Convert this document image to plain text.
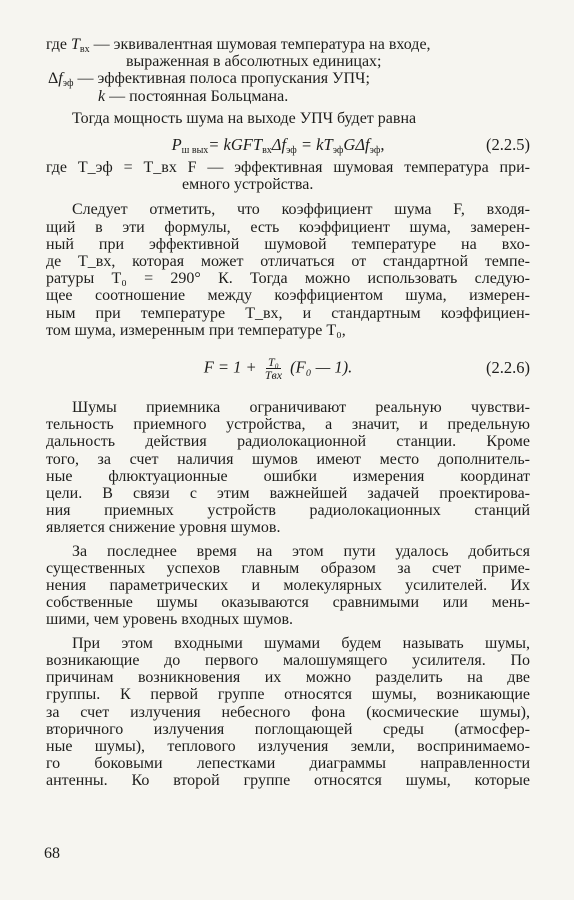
где $T_{вх}$ — эквивалентная шумовая температура на входе,
выраженная в абсолютных единицах;
$\Delta f_{эф}$ — эффективная полоса пропускания УПЧ;
k — постоянная Больцмана.
Тогда мощность шума на выходе УПЧ будет равна
$P_{ш вых}=$ $kGFT_{вх}\Delta f_{эф} = kT_{эф}G\Delta f_{эф}$,	(2.2.5)
где T_эф = T_вх F — эффективная шумовая температура при-
емного устройства.
Следует отметить, что коэффициент шума F, входя-
щий в эти формулы, есть коэффициент шума, замерен-
ный при эффективной шумовой температуре на вхо-
де T_вх, которая может отличаться от стандартной темпе-
ратуры T₀ = 290° К. Тогда можно использовать следую-
щее соотношение между коэффициентом шума, измерен-
ным при температуре T_вх, и стандартным коэффициен-
том шума, измеренным при температуре T₀,
$F = 1 + \frac{\text{T₀}}{\text{Tвх}} (F_0$ — 1).	(2.2.6)
Шумы приемника ограничивают реальную чувстви-
тельность приемного устройства, а значит, и предельную
дальность действия радиолокационной станции. Кроме
того, за счет наличия шумов имеют место дополнитель-
ные флюктуационные ошибки измерения координат
цели. В связи с этим важнейшей задачей проектирова-
ния приемных устройств радиолокационных станций
является снижение уровня шумов.
За последнее время на этом пути удалось добиться
существенных успехов главным образом за счет приме-
нения параметрических и молекулярных усилителей. Их
собственные шумы оказываются сравнимыми или мень-
шими, чем уровень входных шумов.
При этом входными шумами будем называть шумы,
возникающие до первого малошумящего усилителя. По
причинам возникновения их можно разделить на две
группы. К первой группе относятся шумы, возникающие
за счет излучения небесного фона (космические шумы),
вторичного излучения поглощающей среды (атмосфер-
ные шумы), теплового излучения земли, воспринимаемо-
го боковыми лепестками диаграммы направленности
антенны. Ко второй группе относятся шумы, которые
68
